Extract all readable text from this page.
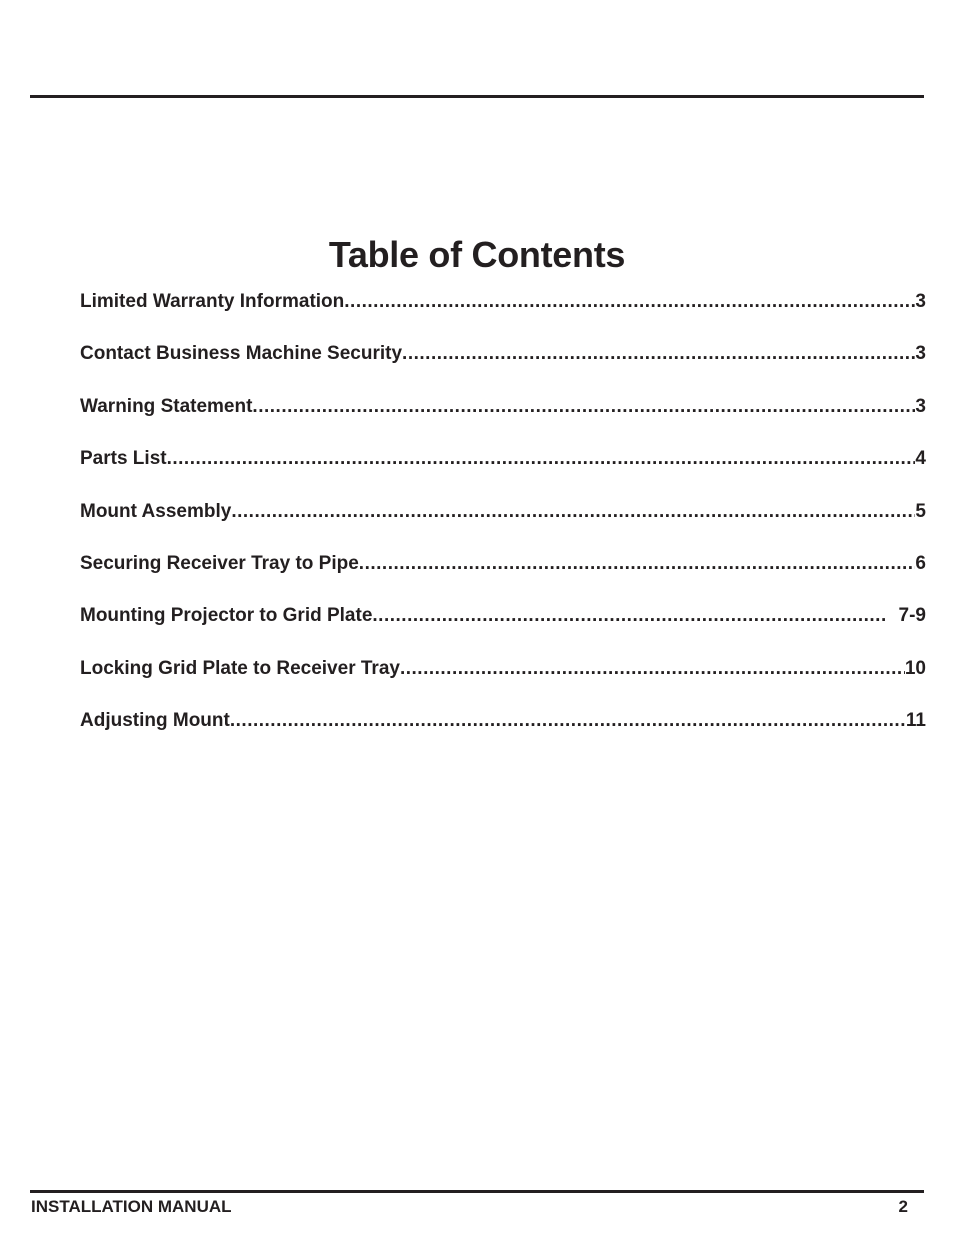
Table of Contents
Limited Warranty Information .....	3
Contact Business Machine Security .....	3
Warning Statement .....	3
Parts List .....	4
Mount Assembly .....	5
Securing Receiver Tray to Pipe .....	6
Mounting Projector to Grid Plate .....	7-9
Locking Grid Plate to Receiver Tray .....	10
Adjusting Mount .....	11
INSTALLATION MANUAL	2
